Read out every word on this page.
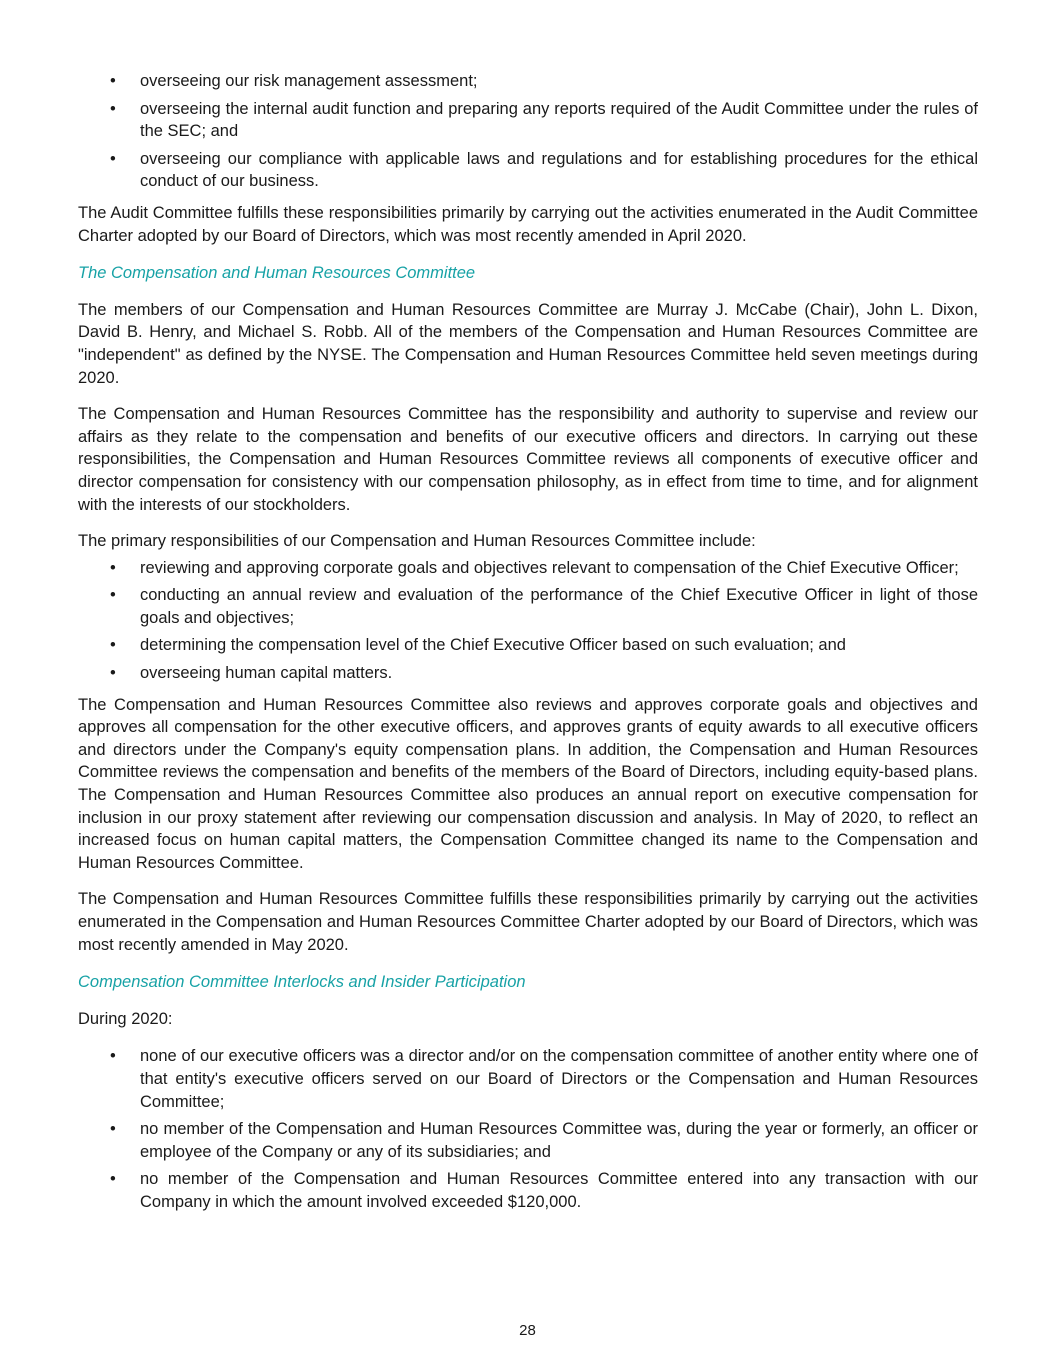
• overseeing our risk management assessment;
• overseeing the internal audit function and preparing any reports required of the Audit Committee under the rules of the SEC; and
• overseeing our compliance with applicable laws and regulations and for establishing procedures for the ethical conduct of our business.

The Audit Committee fulfills these responsibilities primarily by carrying out the activities enumerated in the Audit Committee Charter adopted by our Board of Directors, which was most recently amended in April 2020.

The Compensation and Human Resources Committee

The members of our Compensation and Human Resources Committee are Murray J. McCabe (Chair), John L. Dixon, David B. Henry, and Michael S. Robb. All of the members of the Compensation and Human Resources Committee are "independent" as defined by the NYSE. The Compensation and Human Resources Committee held seven meetings during 2020.

The Compensation and Human Resources Committee has the responsibility and authority to supervise and review our affairs as they relate to the compensation and benefits of our executive officers and directors. In carrying out these responsibilities, the Compensation and Human Resources Committee reviews all components of executive officer and director compensation for consistency with our compensation philosophy, as in effect from time to time, and for alignment with the interests of our stockholders.

The primary responsibilities of our Compensation and Human Resources Committee include:

• reviewing and approving corporate goals and objectives relevant to compensation of the Chief Executive Officer;
• conducting an annual review and evaluation of the performance of the Chief Executive Officer in light of those goals and objectives;
• determining the compensation level of the Chief Executive Officer based on such evaluation; and
• overseeing human capital matters.

The Compensation and Human Resources Committee also reviews and approves corporate goals and objectives and approves all compensation for the other executive officers, and approves grants of equity awards to all executive officers and directors under the Company's equity compensation plans. In addition, the Compensation and Human Resources Committee reviews the compensation and benefits of the members of the Board of Directors, including equity-based plans. The Compensation and Human Resources Committee also produces an annual report on executive compensation for inclusion in our proxy statement after reviewing our compensation discussion and analysis. In May of 2020, to reflect an increased focus on human capital matters, the Compensation Committee changed its name to the Compensation and Human Resources Committee.

The Compensation and Human Resources Committee fulfills these responsibilities primarily by carrying out the activities enumerated in the Compensation and Human Resources Committee Charter adopted by our Board of Directors, which was most recently amended in May 2020.

Compensation Committee Interlocks and Insider Participation

During 2020:

• none of our executive officers was a director and/or on the compensation committee of another entity where one of that entity's executive officers served on our Board of Directors or the Compensation and Human Resources Committee;
• no member of the Compensation and Human Resources Committee was, during the year or formerly, an officer or employee of the Company or any of its subsidiaries; and
• no member of the Compensation and Human Resources Committee entered into any transaction with our Company in which the amount involved exceeded $120,000.
28
